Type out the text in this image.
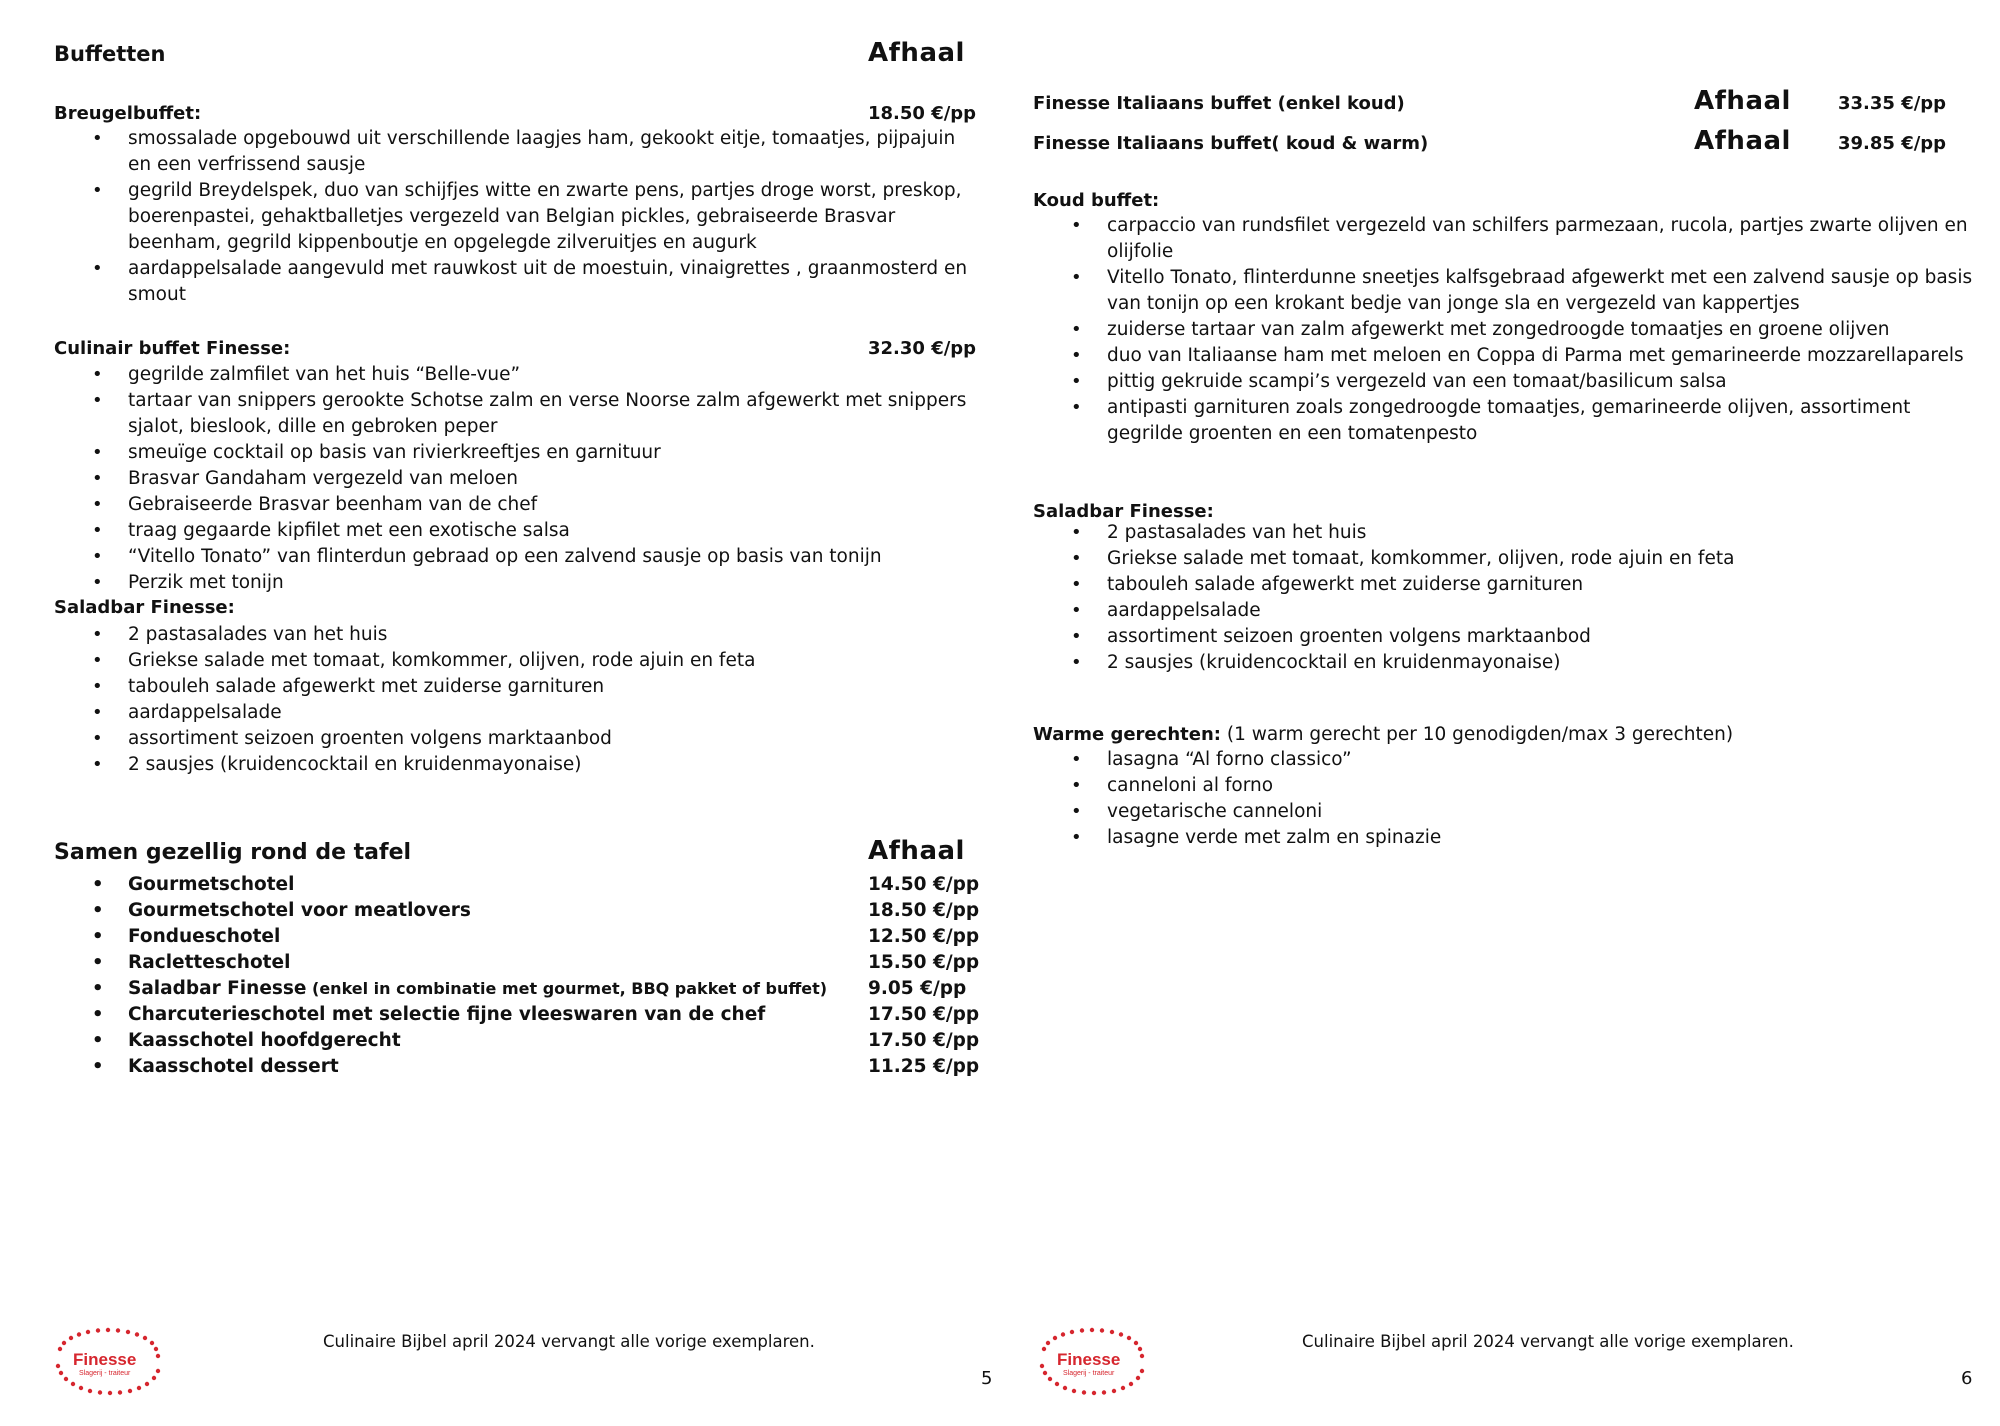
Buffetten	Afhaal
Breugelbuffet:	18.50 €/pp
• smossalade opgebouwd uit verschillende laagjes ham, gekookt eitje, tomaatjes, pijpajuin en een verfrissend sausje
• gegrild Breydelspek, duo van schijfjes witte en zwarte pens, partjes droge worst, preskop, boerenpastei, gehaktballetjes vergezeld van Belgian pickles, gebraiseerde Brasvar beenham, gegrild kippenboutje en opgelegde zilveruitjes en augurk
• aardappelsalade aangevuld met rauwkost uit de moestuin, vinaigrettes , graanmosterd en smout
Culinair buffet Finesse:	32.30 €/pp
• gegrilde zalmfilet van het huis “Belle-vue”
• tartaar van snippers gerookte Schotse zalm en verse Noorse zalm afgewerkt met snippers sjalot, bieslook, dille en gebroken peper
• smeuïge cocktail op basis van rivierkreeftjes en garnituur
• Brasvar Gandaham vergezeld van meloen
• Gebraiseerde Brasvar beenham van de chef
• traag gegaarde kipfilet met een exotische salsa
• “Vitello Tonato” van flinterdun gebraad op een zalvend sausje op basis van tonijn
• Perzik met tonijn
Saladbar Finesse:
• 2 pastasalades van het huis
• Griekse salade met tomaat, komkommer, olijven, rode ajuin en feta
• tabouleh salade afgewerkt met zuiderse garnituren
• aardappelsalade
• assortiment seizoen groenten volgens marktaanbod
• 2 sausjes (kruidencocktail en kruidenmayonaise)
Samen gezellig rond de tafel	Afhaal
• Gourmetschotel	14.50 €/pp
• Gourmetschotel voor meatlovers	18.50 €/pp
• Fondueschotel	12.50 €/pp
• Racletteschotel	15.50 €/pp
• Saladbar Finesse (enkel in combinatie met gourmet, BBQ pakket of buffet) 9.05 €/pp
• Charcuterieschotel met selectie fijne vleeswaren van de chef	17.50 €/pp
• Kaasschotel hoofdgerecht	17.50 €/pp
• Kaasschotel dessert	11.25 €/pp
Finesse
Slagerij - traiteur
Culinaire Bijbel april 2024 vervangt alle vorige exemplaren.
5
Finesse Italiaans buffet (enkel koud)	Afhaal	33.35 €/pp
Finesse Italiaans buffet( koud & warm)	Afhaal	39.85 €/pp
Koud buffet:
• carpaccio van rundsfilet vergezeld van schilfers parmezaan, rucola, partjes zwarte olijven en olijfolie
• Vitello Tonato, flinterdunne sneetjes kalfsgebraad afgewerkt met een zalvend sausje op basis van tonijn op een krokant bedje van jonge sla en vergezeld van kappertjes
• zuiderse tartaar van zalm afgewerkt met zongedroogde tomaatjes en groene olijven
• duo van Italiaanse ham met meloen en Coppa di Parma met gemarineerde mozzarellaparels
• pittig gekruide scampi’s vergezeld van een tomaat/basilicum salsa
• antipasti garnituren zoals zongedroogde tomaatjes, gemarineerde olijven, assortiment gegrilde groenten en een tomatenpesto
Saladbar Finesse:
• 2 pastasalades van het huis
• Griekse salade met tomaat, komkommer, olijven, rode ajuin en feta
• tabouleh salade afgewerkt met zuiderse garnituren
• aardappelsalade
• assortiment seizoen groenten volgens marktaanbod
• 2 sausjes (kruidencocktail en kruidenmayonaise)
Warme gerechten: (1 warm gerecht per 10 genodigden/max 3 gerechten)
• lasagna “Al forno classico”
• canneloni al forno
• vegetarische canneloni
• lasagne verde met zalm en spinazie
Finesse
Slagerij - traiteur
Culinaire Bijbel april 2024 vervangt alle vorige exemplaren.
6
